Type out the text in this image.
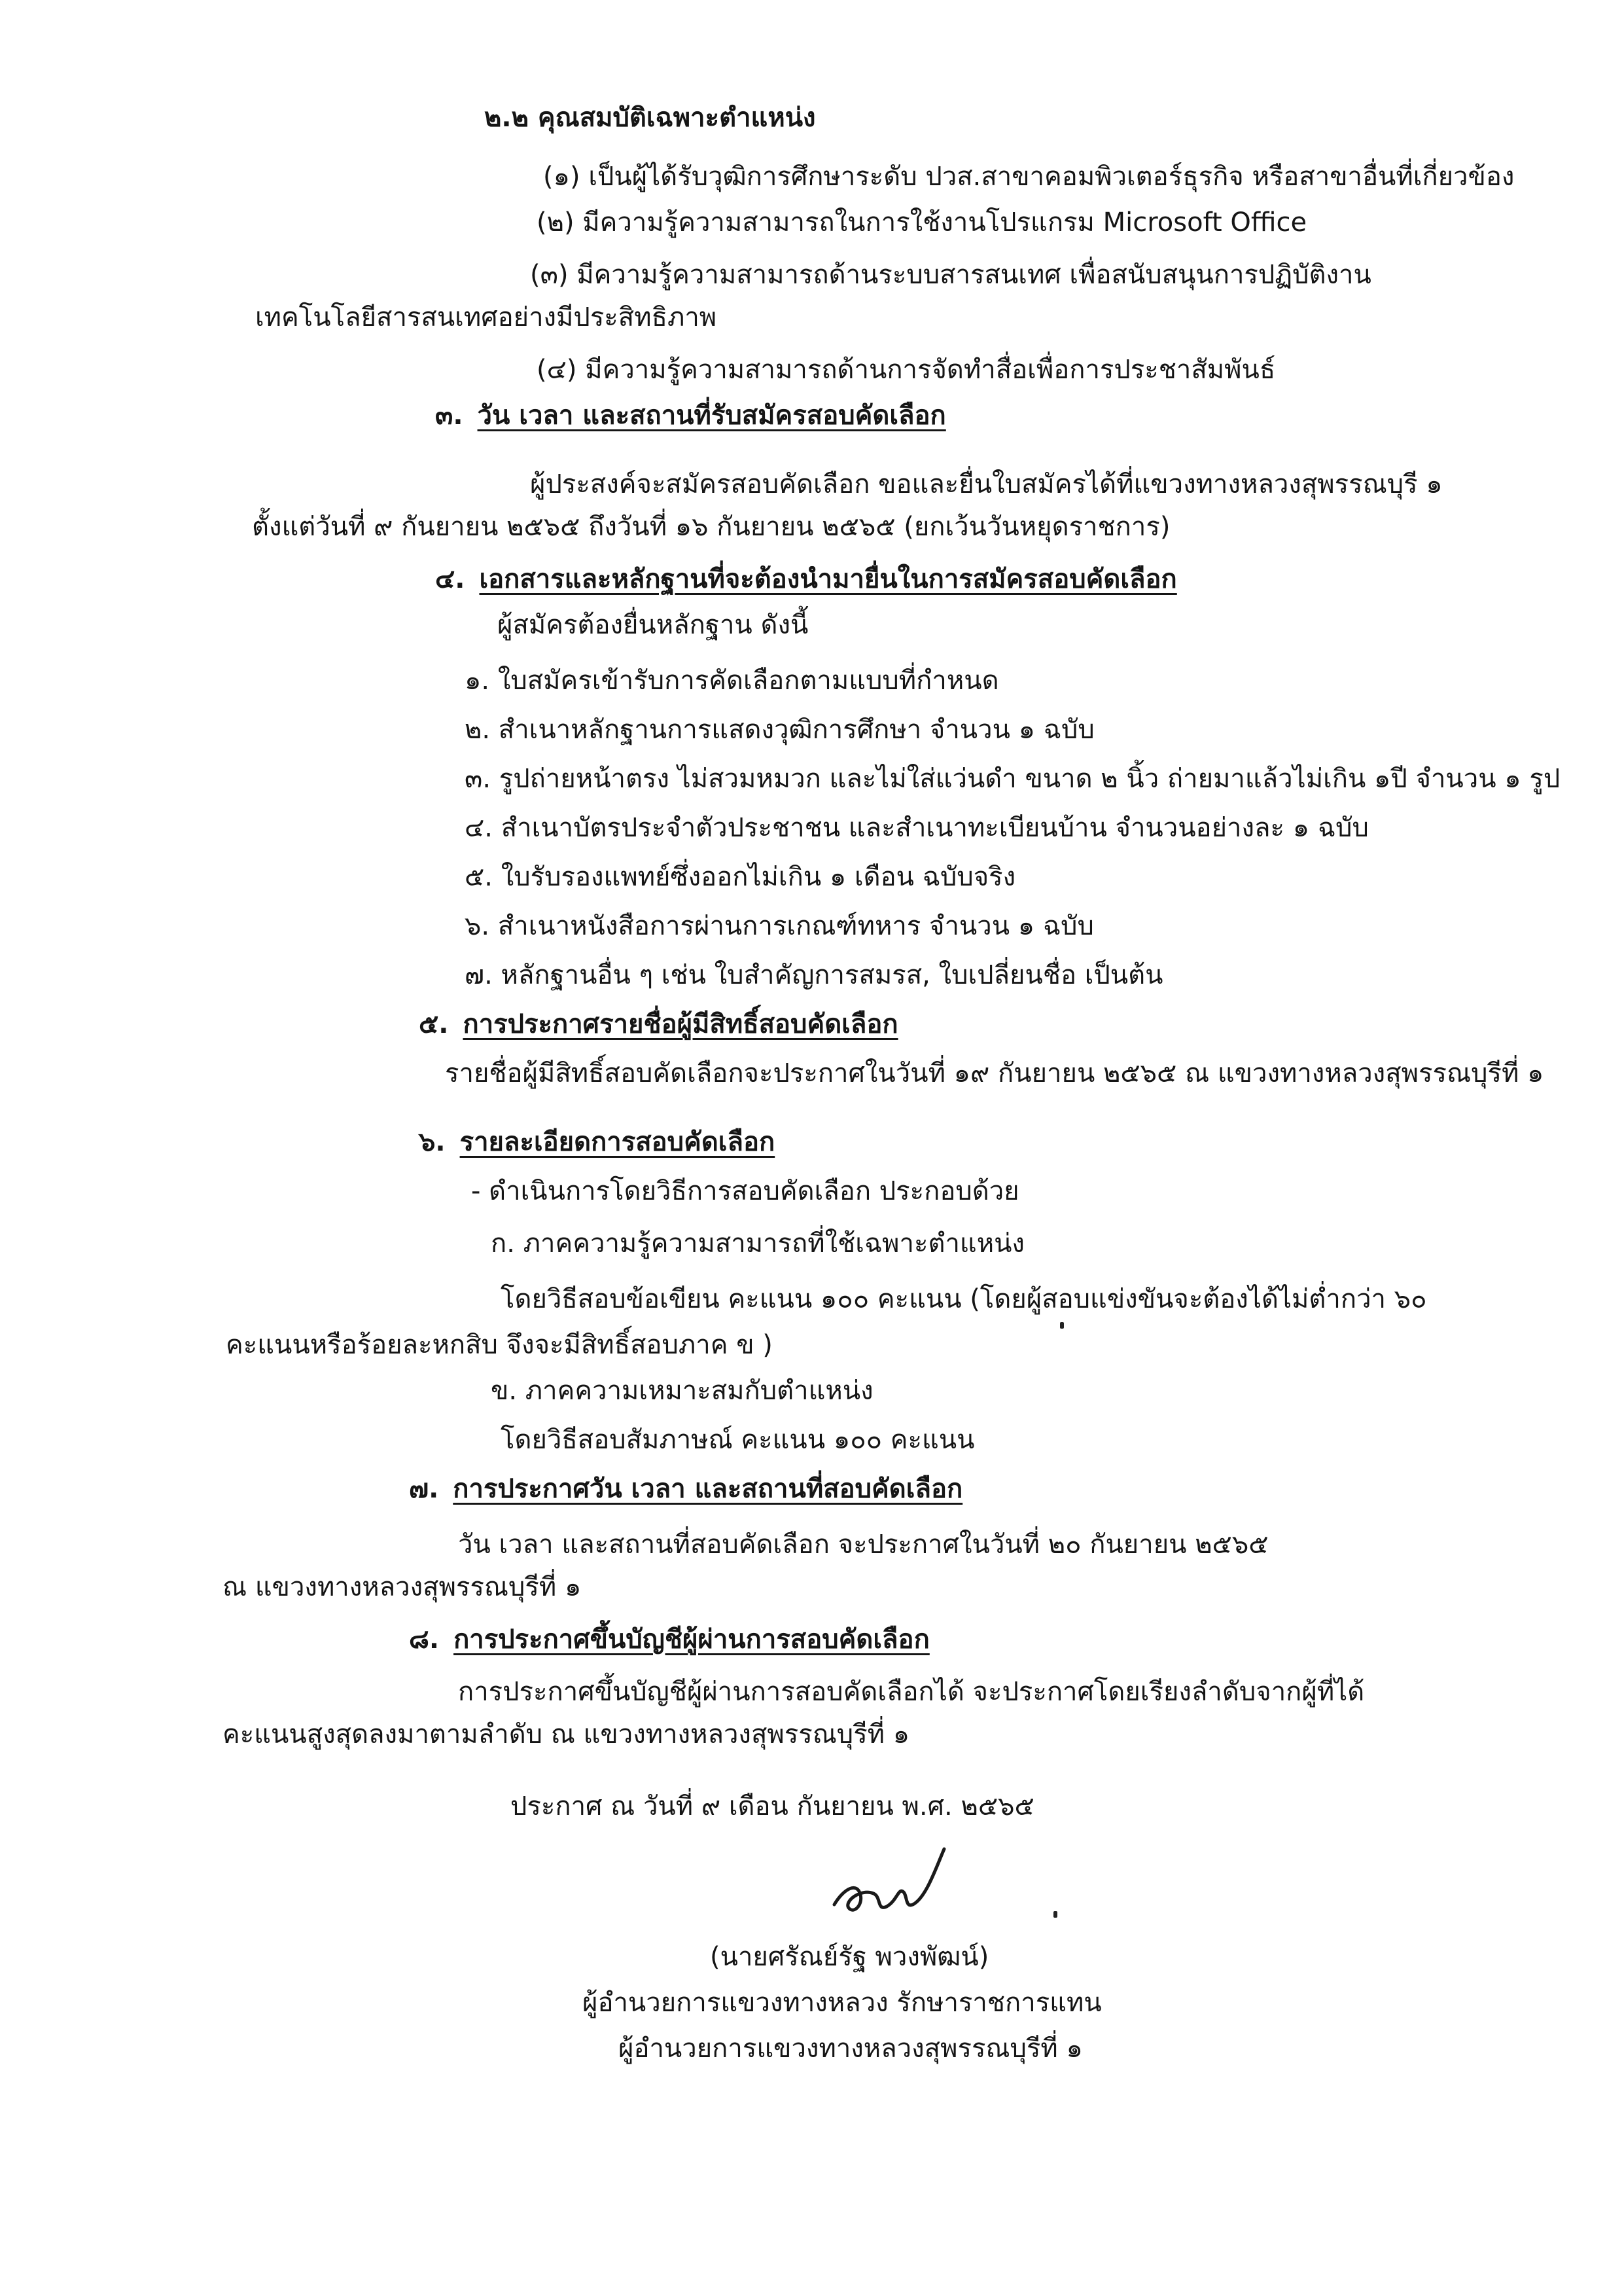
๒.๒ คุณสมบัติเฉพาะตำแหน่ง
(๑) เป็นผู้ได้รับวุฒิการศึกษาระดับ ปวส.สาขาคอมพิวเตอร์ธุรกิจ หรือสาขาอื่นที่เกี่ยวข้อง
(๒) มีความรู้ความสามารถในการใช้งานโปรแกรม Microsoft Office
(๓) มีความรู้ความสามารถด้านระบบสารสนเทศ เพื่อสนับสนุนการปฏิบัติงาน
เทคโนโลยีสารสนเทศอย่างมีประสิทธิภาพ
(๔) มีความรู้ความสามารถด้านการจัดทำสื่อเพื่อการประชาสัมพันธ์
๓. วัน เวลา และสถานที่รับสมัครสอบคัดเลือก
ผู้ประสงค์จะสมัครสอบคัดเลือก ขอและยื่นใบสมัครได้ที่แขวงทางหลวงสุพรรณบุรี ๑
ตั้งแต่วันที่ ๙ กันยายน ๒๕๖๕ ถึงวันที่ ๑๖ กันยายน ๒๕๖๕ (ยกเว้นวันหยุดราชการ)
๔. เอกสารและหลักฐานที่จะต้องนำมายื่นในการสมัครสอบคัดเลือก
ผู้สมัครต้องยื่นหลักฐาน ดังนี้
๑. ใบสมัครเข้ารับการคัดเลือกตามแบบที่กำหนด
๒. สำเนาหลักฐานการแสดงวุฒิการศึกษา จำนวน ๑ ฉบับ
๓. รูปถ่ายหน้าตรง ไม่สวมหมวก และไม่ใส่แว่นดำ ขนาด ๒ นิ้ว ถ่ายมาแล้วไม่เกิน ๑ปี จำนวน ๑ รูป
๔. สำเนาบัตรประจำตัวประชาชน และสำเนาทะเบียนบ้าน จำนวนอย่างละ ๑ ฉบับ
๕. ใบรับรองแพทย์ซึ่งออกไม่เกิน ๑ เดือน ฉบับจริง
๖. สำเนาหนังสือการผ่านการเกณฑ์ทหาร จำนวน ๑ ฉบับ
๗. หลักฐานอื่น ๆ เช่น ใบสำคัญการสมรส, ใบเปลี่ยนชื่อ เป็นต้น
๕. การประกาศรายชื่อผู้มีสิทธิ์สอบคัดเลือก
รายชื่อผู้มีสิทธิ์สอบคัดเลือกจะประกาศในวันที่ ๑๙ กันยายน ๒๕๖๕ ณ แขวงทางหลวงสุพรรณบุรีที่ ๑
๖. รายละเอียดการสอบคัดเลือก
- ดำเนินการโดยวิธีการสอบคัดเลือก ประกอบด้วย
ก. ภาคความรู้ความสามารถที่ใช้เฉพาะตำแหน่ง
โดยวิธีสอบข้อเขียน คะแนน ๑๐๐ คะแนน (โดยผู้สอบแข่งขันจะต้องได้ไม่ต่ำกว่า ๖๐
คะแนนหรือร้อยละหกสิบ จึงจะมีสิทธิ์สอบภาค ข )
ข. ภาคความเหมาะสมกับตำแหน่ง
โดยวิธีสอบสัมภาษณ์ คะแนน ๑๐๐ คะแนน
๗. การประกาศวัน เวลา และสถานที่สอบคัดเลือก
วัน เวลา และสถานที่สอบคัดเลือก จะประกาศในวันที่ ๒๐ กันยายน ๒๕๖๕
ณ แขวงทางหลวงสุพรรณบุรีที่ ๑
๘. การประกาศขึ้นบัญชีผู้ผ่านการสอบคัดเลือก
การประกาศขึ้นบัญชีผู้ผ่านการสอบคัดเลือกได้ จะประกาศโดยเรียงลำดับจากผู้ที่ได้
คะแนนสูงสุดลงมาตามลำดับ ณ แขวงทางหลวงสุพรรณบุรีที่ ๑
ประกาศ ณ วันที่ ๙ เดือน กันยายน พ.ศ. ๒๕๖๕
(นายศรัณย์รัฐ พวงพัฒน์)
ผู้อำนวยการแขวงทางหลวง รักษาราชการแทน
ผู้อำนวยการแขวงทางหลวงสุพรรณบุรีที่ ๑
